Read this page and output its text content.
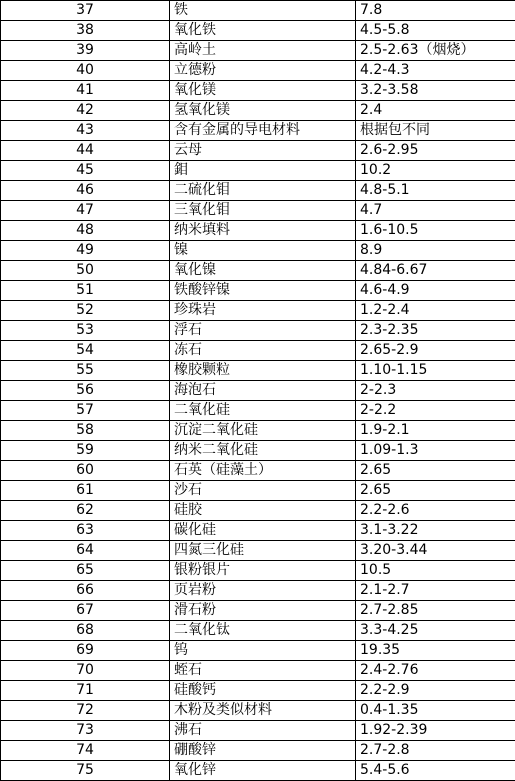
37	铁	7.8
38	氧化铁	4.5-5.8
39	高岭土	2.5-2.63（烟烧）
40	立德粉	4.2-4.3
41	氧化镁	3.2-3.58
42	氢氧化镁	2.4
43	含有金属的导电材料	根据包不同
44	云母	2.6-2.95
45	鉬	10.2
46	二硫化钼	4.8-5.1
47	三氧化钼	4.7
48	纳米填料	1.6-10.5
49	镍	8.9
50	氧化镍	4.84-6.67
51	铁酸锌镍	4.6-4.9
52	珍珠岩	1.2-2.4
53	浮石	2.3-2.35
54	冻石	2.65-2.9
55	橡胶颗粒	1.10-1.15
56	海泡石	2-2.3
57	二氧化硅	2-2.2
58	沉淀二氧化硅	1.9-2.1
59	纳米二氧化硅	1.09-1.3
60	石英（硅藻土）	2.65
61	沙石	2.65
62	硅胶	2.2-2.6
63	碳化硅	3.1-3.22
64	四氮三化硅	3.20-3.44
65	银粉银片	10.5
66	页岩粉	2.1-2.7
67	滑石粉	2.7-2.85
68	二氧化钛	3.3-4.25
69	钨	19.35
70	蛭石	2.4-2.76
71	硅酸钙	2.2-2.9
72	木粉及类似材料	0.4-1.35
73	沸石	1.92-2.39
74	硼酸锌	2.7-2.8
75	氧化锌	5.4-5.6
